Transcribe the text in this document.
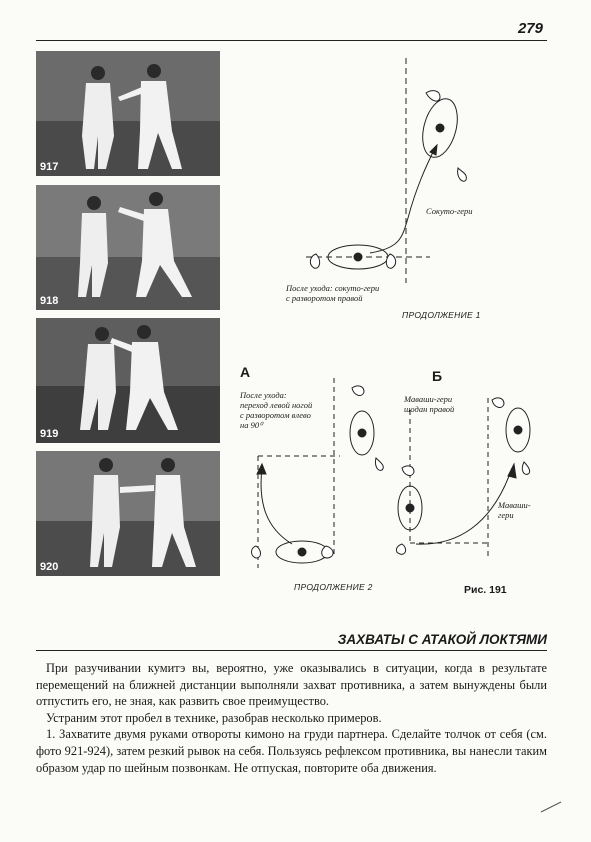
279
917
918
919
920
Сокуто-гери
После ухода: сокуто-гери
с разворотом правой
ПРОДОЛЖЕНИЕ 1
А
После ухода:
переход левой ногой
с разворотом влево
на 90⁰
Б
Маваши-гери
шодан правой
Маваши-
гери
ПРОДОЛЖЕНИЕ 2	Рис. 191
ЗАХВАТЫ С АТАКОЙ ЛОКТЯМИ

При разучивании кумитэ вы, вероятно, уже оказывались в ситуации, когда в результате перемещений на ближней дистанции выполняли захват противника, а затем вынуждены были отпустить его, не зная, как развить свое преимущество.

Устраним этот пробел в технике, разобрав несколько примеров.

1. Захватите двумя руками отвороты кимоно на груди партнера. Сделайте толчок от себя (см. фото 921-924), затем резкий рывок на себя. Пользуясь рефлексом противника, вы нанесли таким образом удар по шейным позвонкам. Не отпуская, повторите оба движения.
